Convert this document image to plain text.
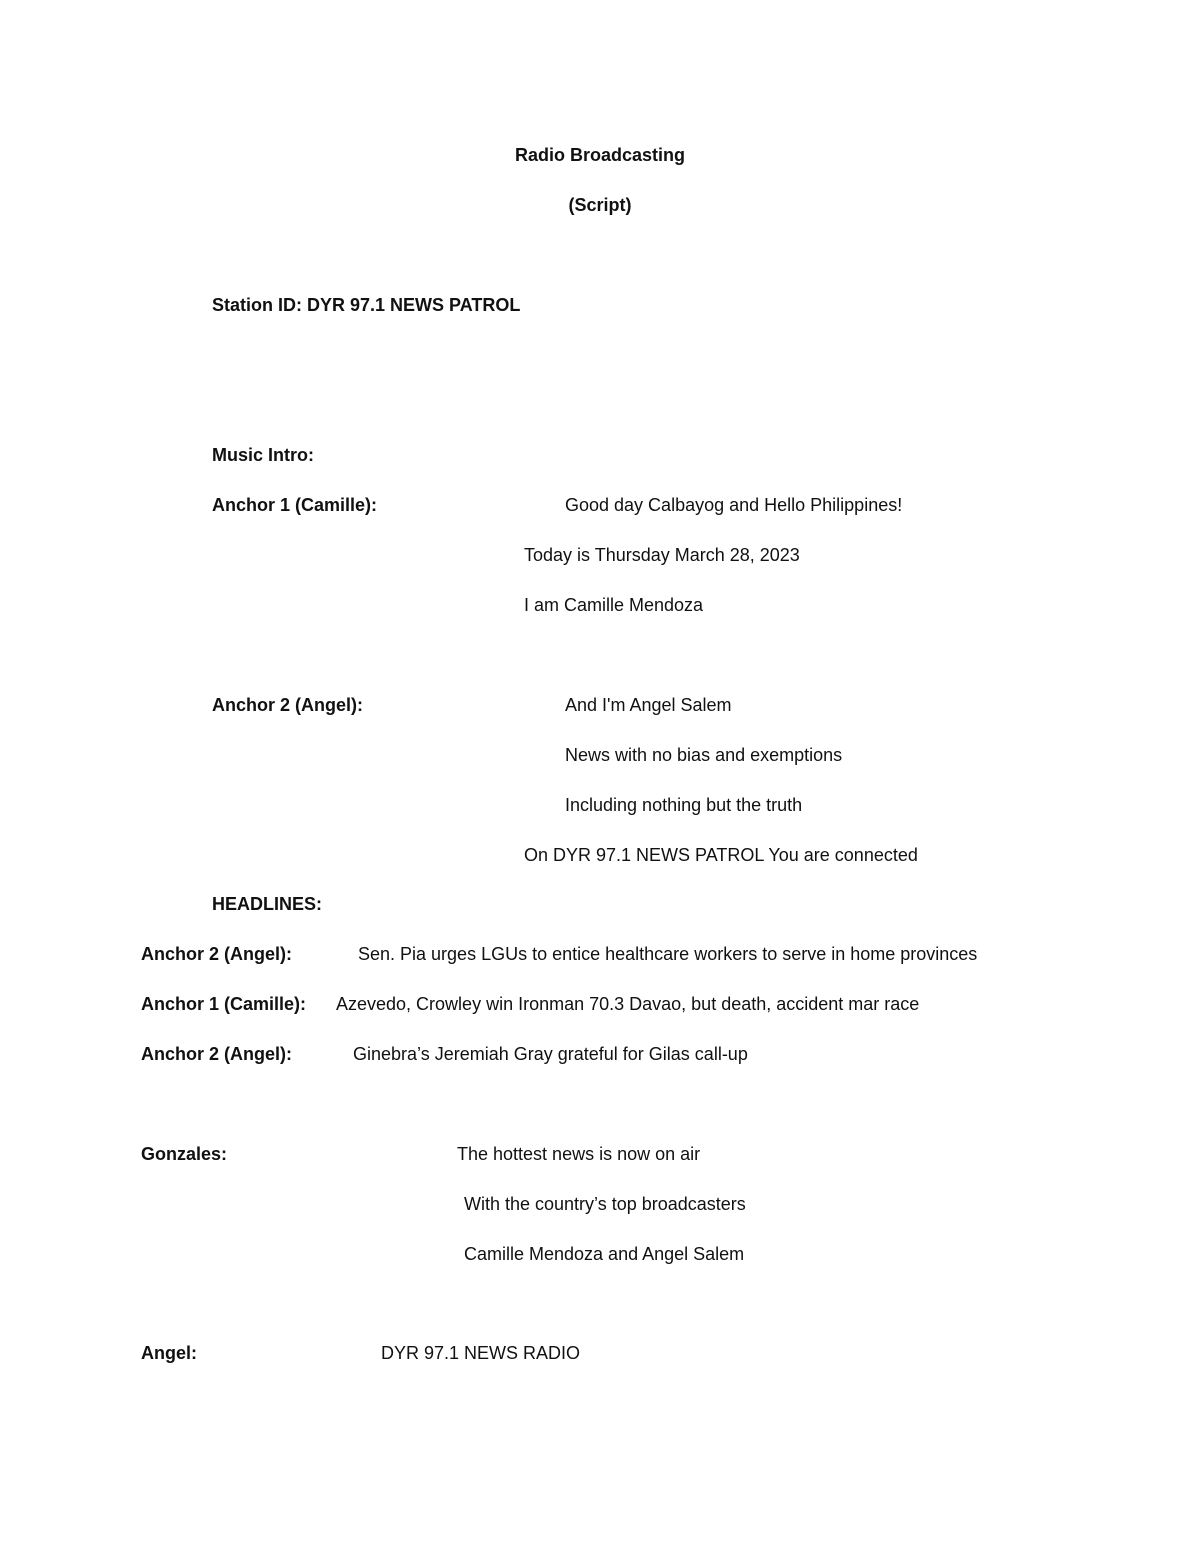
Radio Broadcasting
(Script)
Station ID: DYR 97.1 NEWS PATROL
Music Intro:
Anchor 1 (Camille):	Good day Calbayog and Hello Philippines!
Today is Thursday March 28, 2023
I am Camille Mendoza
Anchor 2 (Angel):	And I'm Angel Salem
News with no bias and exemptions
Including nothing but the truth
On DYR 97.1 NEWS PATROL You are connected
HEADLINES:
Anchor 2 (Angel):	Sen. Pia urges LGUs to entice healthcare workers to serve in home provinces
Anchor 1 (Camille): Azevedo, Crowley win Ironman 70.3 Davao, but death, accident mar race
Anchor 2 (Angel):	Ginebra’s Jeremiah Gray grateful for Gilas call-up
Gonzales:	The hottest news is now on air
With the country’s top broadcasters
Camille Mendoza and Angel Salem
Angel:	DYR 97.1 NEWS RADIO
